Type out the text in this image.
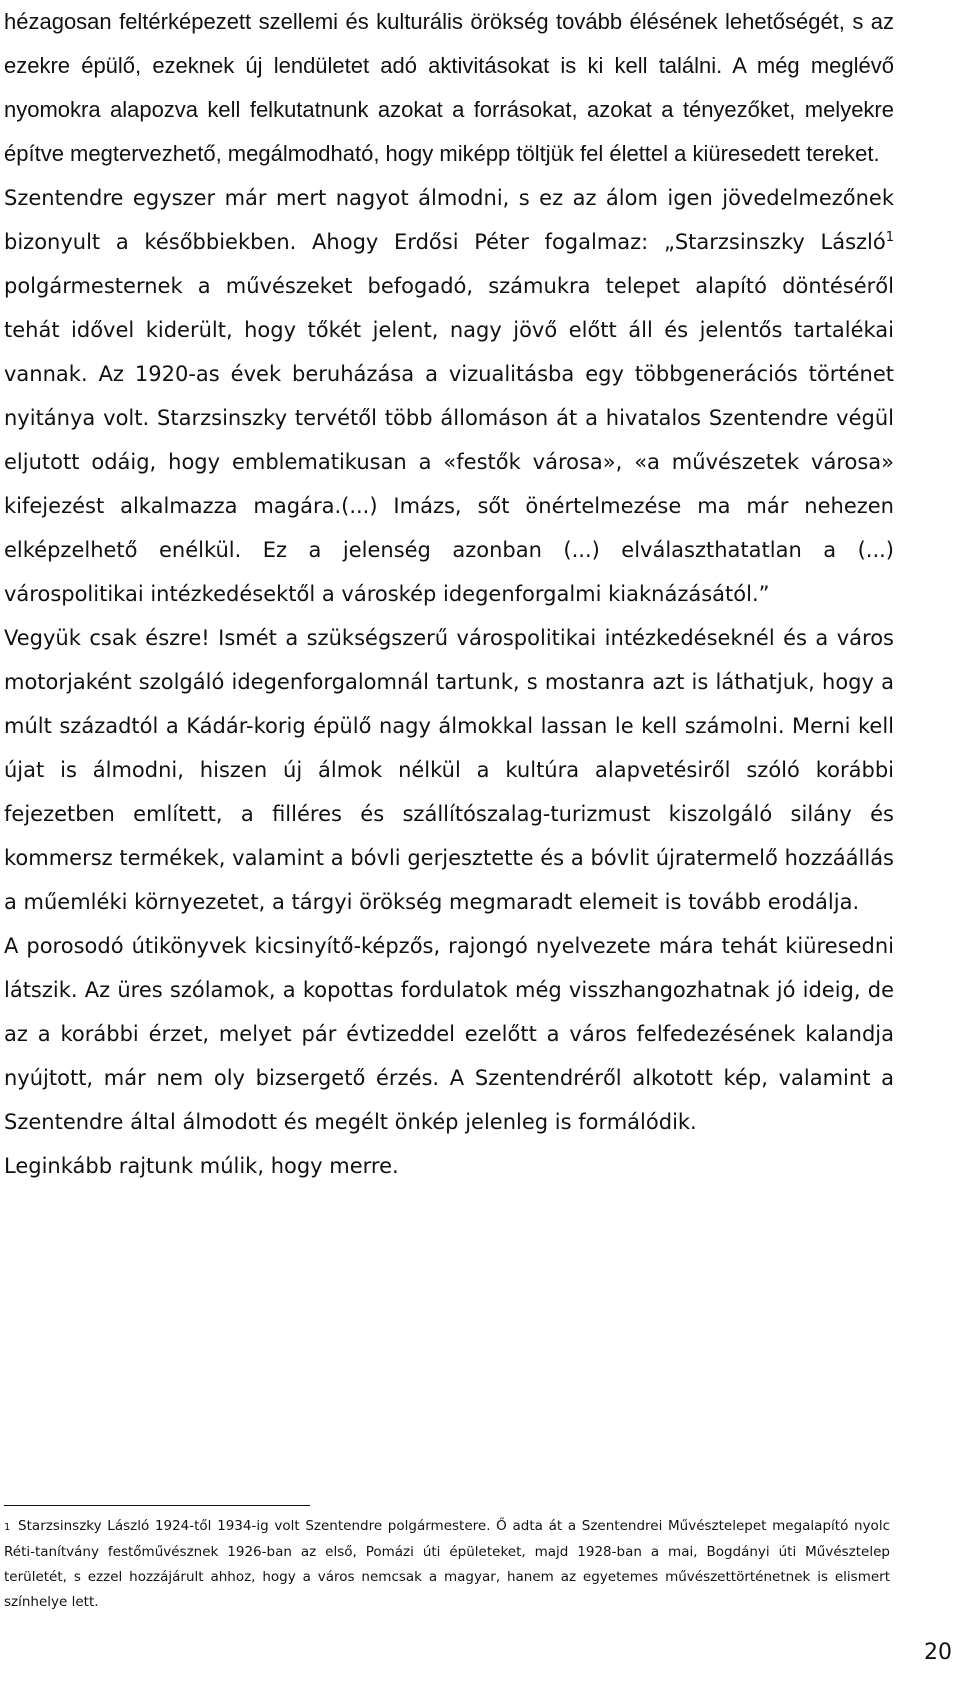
hézagosan feltérképezett szellemi és kulturális örökség tovább élésének lehetőségét, s az ezekre épülő, ezeknek új lendületet adó aktivitásokat is ki kell találni. A még meglévő nyomokra alapozva kell felkutatnunk azokat a forrásokat, azokat a tényezőket, melyekre építve megtervezhető, megálmodható, hogy miképp töltjük fel élettel a kiüresedett tereket.

Szentendre egyszer már mert nagyot álmodni, s ez az álom igen jövedelmezőnek bizonyult a későbbiekben. Ahogy Erdősi Péter fogalmaz: „Starzsinszky László$^1$ polgármesternek a művészeket befogadó, számukra telepet alapító döntéséről tehát idővel kiderült, hogy tőkét jelent, nagy jövő előtt áll és jelentős tartalékai vannak. Az 1920-as évek beruházása a vizualitásba egy többgenerációs történet nyitánya volt. Starzsinszky tervétől több állomáson át a hivatalos Szentendre végül eljutott odáig, hogy emblematikusan a «festők városa», «a művészetek városa» kifejezést alkalmazza magára.(...) Imázs, sőt önértelmezése ma már nehezen elképzelhető enélkül. Ez a jelenség azonban (...) elválaszthatatlan a (...) várospolitikai intézkedésektől a városkép idegenforgalmi kiaknázásától.”

Vegyük csak észre! Ismét a szükségszerű várospolitikai intézkedéseknél és a város motorjaként szolgáló idegenforgalomnál tartunk, s mostanra azt is láthatjuk, hogy a múlt századtól a Kádár-korig épülő nagy álmokkal lassan le kell számolni. Merni kell újat is álmodni, hiszen új álmok nélkül a kultúra alapvetésiről szóló korábbi fejezetben említett, a filléres és szállítószalag-turizmust kiszolgáló silány és kommersz termékek, valamint a bóvli gerjesztette és a bóvlit újratermelő hozzáállás a műemléki környezetet, a tárgyi örökség megmaradt elemeit is tovább erodálja.

A porosodó útikönyvek kicsinyítő-képzős, rajongó nyelvezete mára tehát kiüresedni látszik. Az üres szólamok, a kopottas fordulatok még visszhangozhatnak jó ideig, de az a korábbi érzet, melyet pár évtizeddel ezelőtt a város felfedezésének kalandja nyújtott, már nem oly bizsergető érzés. A Szentendréről alkotott kép, valamint a Szentendre által álmodott és megélt önkép jelenleg is formálódik.

Leginkább rajtunk múlik, hogy merre.

1 Starzsinszky László 1924-től 1934-ig volt Szentendre polgármestere. Ő adta át a Szentendrei Művésztelepet megalapító nyolc Réti-tanítvány festőművésznek 1926-ban az első, Pomázi úti épületeket, majd 1928-ban a mai, Bogdányi úti Művésztelep területét, s ezzel hozzájárult ahhoz, hogy a város nemcsak a magyar, hanem az egyetemes művészettörténetnek is elismert színhelye lett.

20
